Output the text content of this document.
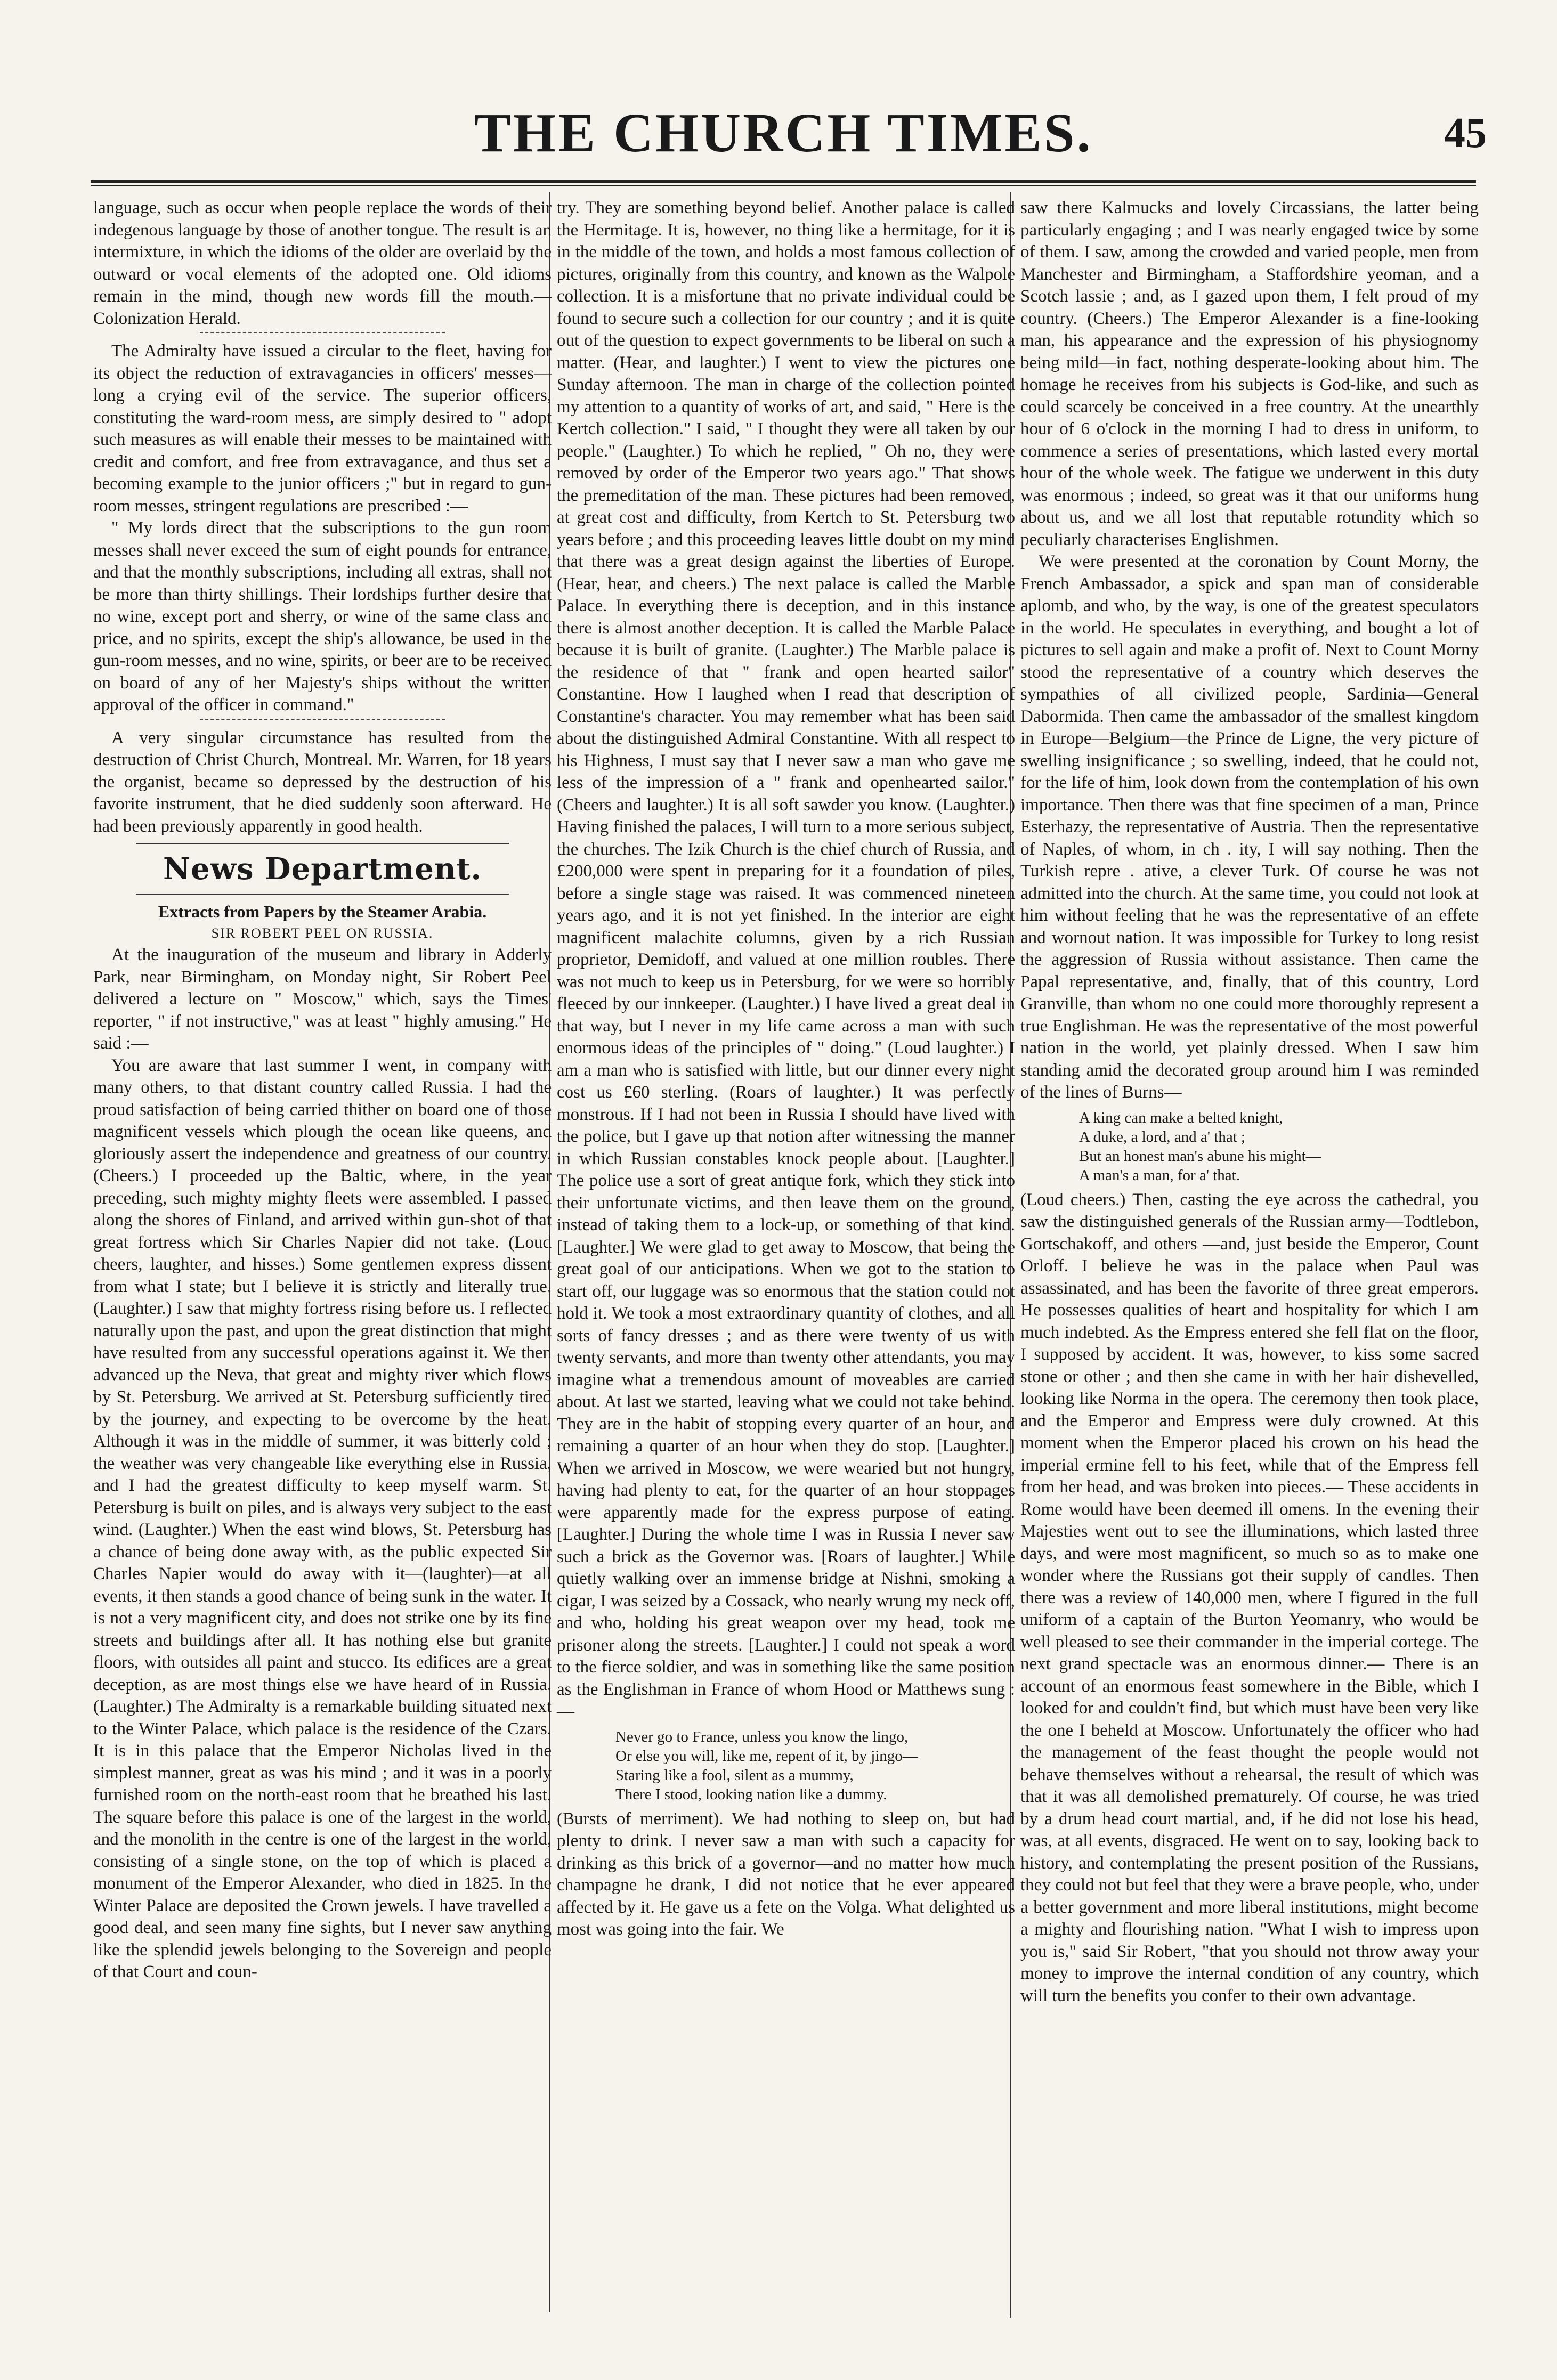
THE CHURCH TIMES.	45

language, such as occur when people replace the words of their indegenous language by those of another tongue. The result is an intermixture, in which the idioms of the older are overlaid by the outward or vocal elements of the adopted one. Old idioms remain in the mind, though new words fill the mouth.—Colonization Herald.

The Admiralty have issued a circular to the fleet, having for its object the reduction of extravagancies in officers' messes—long a crying evil of the service. The superior officers, constituting the ward-room mess, are simply desired to " adopt such measures as will enable their messes to be maintained with credit and comfort, and free from extravagance, and thus set a becoming example to the junior officers ;" but in regard to gun-room messes, stringent regulations are prescribed :—

" My lords direct that the subscriptions to the gun room messes shall never exceed the sum of eight pounds for entrance, and that the monthly subscriptions, including all extras, shall not be more than thirty shillings. Their lordships further desire that no wine, except port and sherry, or wine of the same class and price, and no spirits, except the ship's allowance, be used in the gun-room messes, and no wine, spirits, or beer are to be received on board of any of her Majesty's ships without the written approval of the officer in command."

A very singular circumstance has resulted from the destruction of Christ Church, Montreal. Mr. Warren, for 18 years the organist, became so depressed by the destruction of his favorite instrument, that he died suddenly soon afterward. He had been previously apparently in good health.

News Department.
Extracts from Papers by the Steamer Arabia.
SIR ROBERT PEEL ON RUSSIA.

At the inauguration of the museum and library in Adderly Park, near Birmingham, on Monday night, Sir Robert Peel delivered a lecture on " Moscow," which, says the Times' reporter, " if not instructive," was at least " highly amusing." He said :—

You are aware that last summer I went, in company with many others, to that distant country called Russia. I had the proud satisfaction of being carried thither on board one of those magnificent vessels which plough the ocean like queens, and gloriously assert the independence and greatness of our country. (Cheers.) I proceeded up the Baltic, where, in the year preceding, such mighty mighty fleets were assembled. I passed along the shores of Finland, and arrived within gun-shot of that great fortress which Sir Charles Napier did not take. (Loud cheers, laughter, and hisses.) Some gentlemen express dissent from what I state; but I believe it is strictly and literally true. (Laughter.) I saw that mighty fortress rising before us. I reflected naturally upon the past, and upon the great distinction that might have resulted from any successful operations against it. We then advanced up the Neva, that great and mighty river which flows by St. Petersburg. We arrived at St. Petersburg sufficiently tired by the journey, and expecting to be overcome by the heat. Although it was in the middle of summer, it was bitterly cold ; the weather was very changeable like everything else in Russia, and I had the greatest difficulty to keep myself warm. St. Petersburg is built on piles, and is always very subject to the east wind. (Laughter.) When the east wind blows, St. Petersburg has a chance of being done away with, as the public expected Sir Charles Napier would do away with it—(laughter)—at all events, it then stands a good chance of being sunk in the water. It is not a very magnificent city, and does not strike one by its fine streets and buildings after all. It has nothing else but granite floors, with outsides all paint and stucco. Its edifices are a great deception, as are most things else we have heard of in Russia. (Laughter.) The Admiralty is a remarkable building situated next to the Winter Palace, which palace is the residence of the Czars. It is in this palace that the Emperor Nicholas lived in the simplest manner, great as was his mind ; and it was in a poorly furnished room on the north-east room that he breathed his last. The square before this palace is one of the largest in the world, and the monolith in the centre is one of the largest in the world, consisting of a single stone, on the top of which is placed a monument of the Emperor Alexander, who died in 1825. In the Winter Palace are deposited the Crown jewels. I have travelled a good deal, and seen many fine sights, but I never saw anything like the splendid jewels belonging to the Sovereign and people of that Court and coun-

try. They are something beyond belief. Another palace is called the Hermitage. It is, however, no thing like a hermitage, for it is in the middle of the town, and holds a most famous collection of pictures, originally from this country, and known as the Walpole collection. It is a misfortune that no private individual could be found to secure such a collection for our country ; and it is quite out of the question to expect governments to be liberal on such a matter. (Hear, and laughter.) I went to view the pictures one Sunday afternoon. The man in charge of the collection pointed my attention to a quantity of works of art, and said, " Here is the Kertch collection." I said, " I thought they were all taken by our people." (Laughter.) To which he replied, " Oh no, they were removed by order of the Emperor two years ago." That shows the premeditation of the man. These pictures had been removed, at great cost and difficulty, from Kertch to St. Petersburg two years before ; and this proceeding leaves little doubt on my mind that there was a great design against the liberties of Europe. (Hear, hear, and cheers.) The next palace is called the Marble Palace. In everything there is deception, and in this instance there is almost another deception. It is called the Marble Palace because it is built of granite. (Laughter.) The Marble palace is the residence of that " frank and open hearted sailor" Constantine. How I laughed when I read that description of Constantine's character. You may remember what has been said about the distinguished Admiral Constantine. With all respect to his Highness, I must say that I never saw a man who gave me less of the impression of a " frank and openhearted sailor." (Cheers and laughter.) It is all soft sawder you know. (Laughter.) Having finished the palaces, I will turn to a more serious subject, the churches. The Izik Church is the chief church of Russia, and £200,000 were spent in preparing for it a foundation of piles, before a single stage was raised. It was commenced nineteen years ago, and it is not yet finished. In the interior are eight magnificent malachite columns, given by a rich Russian proprietor, Demidoff, and valued at one million roubles. There was not much to keep us in Petersburg, for we were so horribly fleeced by our innkeeper. (Laughter.) I have lived a great deal in that way, but I never in my life came across a man with such enormous ideas of the principles of " doing." (Loud laughter.) I am a man who is satisfied with little, but our dinner every night cost us £60 sterling. (Roars of laughter.) It was perfectly monstrous. If I had not been in Russia I should have lived with the police, but I gave up that notion after witnessing the manner in which Russian constables knock people about. [Laughter.] The police use a sort of great antique fork, which they stick into their unfortunate victims, and then leave them on the ground, instead of taking them to a lock-up, or something of that kind. [Laughter.] We were glad to get away to Moscow, that being the great goal of our anticipations. When we got to the station to start off, our luggage was so enormous that the station could not hold it. We took a most extraordinary quantity of clothes, and all sorts of fancy dresses ; and as there were twenty of us with twenty servants, and more than twenty other attendants, you may imagine what a tremendous amount of moveables are carried about. At last we started, leaving what we could not take behind. They are in the habit of stopping every quarter of an hour, and remaining a quarter of an hour when they do stop. [Laughter.] When we arrived in Moscow, we were wearied but not hungry, having had plenty to eat, for the quarter of an hour stoppages were apparently made for the express purpose of eating. [Laughter.] During the whole time I was in Russia I never saw such a brick as the Governor was. [Roars of laughter.] While quietly walking over an immense bridge at Nishni, smoking a cigar, I was seized by a Cossack, who nearly wrung my neck off, and who, holding his great weapon over my head, took me prisoner along the streets. [Laughter.] I could not speak a word to the fierce soldier, and was in something like the same position as the Englishman in France of whom Hood or Matthews sung :—

Never go to France, unless you know the lingo,
Or else you will, like me, repent of it, by jingo—
Staring like a fool, silent as a mummy,
There I stood, looking nation like a dummy.

(Bursts of merriment). We had nothing to sleep on, but had plenty to drink. I never saw a man with such a capacity for drinking as this brick of a governor—and no matter how much champagne he drank, I did not notice that he ever appeared affected by it. He gave us a fete on the Volga. What delighted us most was going into the fair. We

saw there Kalmucks and lovely Circassians, the latter being particularly engaging ; and I was nearly engaged twice by some of them. I saw, among the crowded and varied people, men from Manchester and Birmingham, a Staffordshire yeoman, and a Scotch lassie ; and, as I gazed upon them, I felt proud of my country. (Cheers.) The Emperor Alexander is a fine-looking man, his appearance and the expression of his physiognomy being mild—in fact, nothing desperate-looking about him. The homage he receives from his subjects is God-like, and such as could scarcely be conceived in a free country. At the unearthly hour of 6 o'clock in the morning I had to dress in uniform, to commence a series of presentations, which lasted every mortal hour of the whole week. The fatigue we underwent in this duty was enormous ; indeed, so great was it that our uniforms hung about us, and we all lost that reputable rotundity which so peculiarly characterises Englishmen.

We were presented at the coronation by Count Morny, the French Ambassador, a spick and span man of considerable aplomb, and who, by the way, is one of the greatest speculators in the world. He speculates in everything, and bought a lot of pictures to sell again and make a profit of. Next to Count Morny stood the representative of a country which deserves the sympathies of all civilized people, Sardinia—General Dabormida. Then came the ambassador of the smallest kingdom in Europe—Belgium—the Prince de Ligne, the very picture of swelling insignificance ; so swelling, indeed, that he could not, for the life of him, look down from the contemplation of his own importance. Then there was that fine specimen of a man, Prince Esterhazy, the representative of Austria. Then the representative of Naples, of whom, in ch . ity, I will say nothing. Then the Turkish repre . ative, a clever Turk. Of course he was not admitted into the church. At the same time, you could not look at him without feeling that he was the representative of an effete and wornout nation. It was impossible for Turkey to long resist the aggression of Russia without assistance. Then came the Papal representative, and, finally, that of this country, Lord Granville, than whom no one could more thoroughly represent a true Englishman. He was the representative of the most powerful nation in the world, yet plainly dressed. When I saw him standing amid the decorated group around him I was reminded of the lines of Burns—

A king can make a belted knight,
A duke, a lord, and a' that ;
But an honest man's abune his might—
A man's a man, for a' that.

(Loud cheers.) Then, casting the eye across the cathedral, you saw the distinguished generals of the Russian army—Todtlebon, Gortschakoff, and others —and, just beside the Emperor, Count Orloff. I believe he was in the palace when Paul was assassinated, and has been the favorite of three great emperors. He possesses qualities of heart and hospitality for which I am much indebted. As the Empress entered she fell flat on the floor, I supposed by accident. It was, however, to kiss some sacred stone or other ; and then she came in with her hair dishevelled, looking like Norma in the opera. The ceremony then took place, and the Emperor and Empress were duly crowned. At this moment when the Emperor placed his crown on his head the imperial ermine fell to his feet, while that of the Empress fell from her head, and was broken into pieces.— These accidents in Rome would have been deemed ill omens. In the evening their Majesties went out to see the illuminations, which lasted three days, and were most magnificent, so much so as to make one wonder where the Russians got their supply of candles. Then there was a review of 140,000 men, where I figured in the full uniform of a captain of the Burton Yeomanry, who would be well pleased to see their commander in the imperial cortege. The next grand spectacle was an enormous dinner.— There is an account of an enormous feast somewhere in the Bible, which I looked for and couldn't find, but which must have been very like the one I beheld at Moscow. Unfortunately the officer who had the management of the feast thought the people would not behave themselves without a rehearsal, the result of which was that it was all demolished prematurely. Of course, he was tried by a drum head court martial, and, if he did not lose his head, was, at all events, disgraced. He went on to say, looking back to history, and contemplating the present position of the Russians, they could not but feel that they were a brave people, who, under a better government and more liberal institutions, might become a mighty and flourishing nation. "What I wish to impress upon you is," said Sir Robert, "that you should not throw away your money to improve the internal condition of any country, which will turn the benefits you confer to their own advantage.
